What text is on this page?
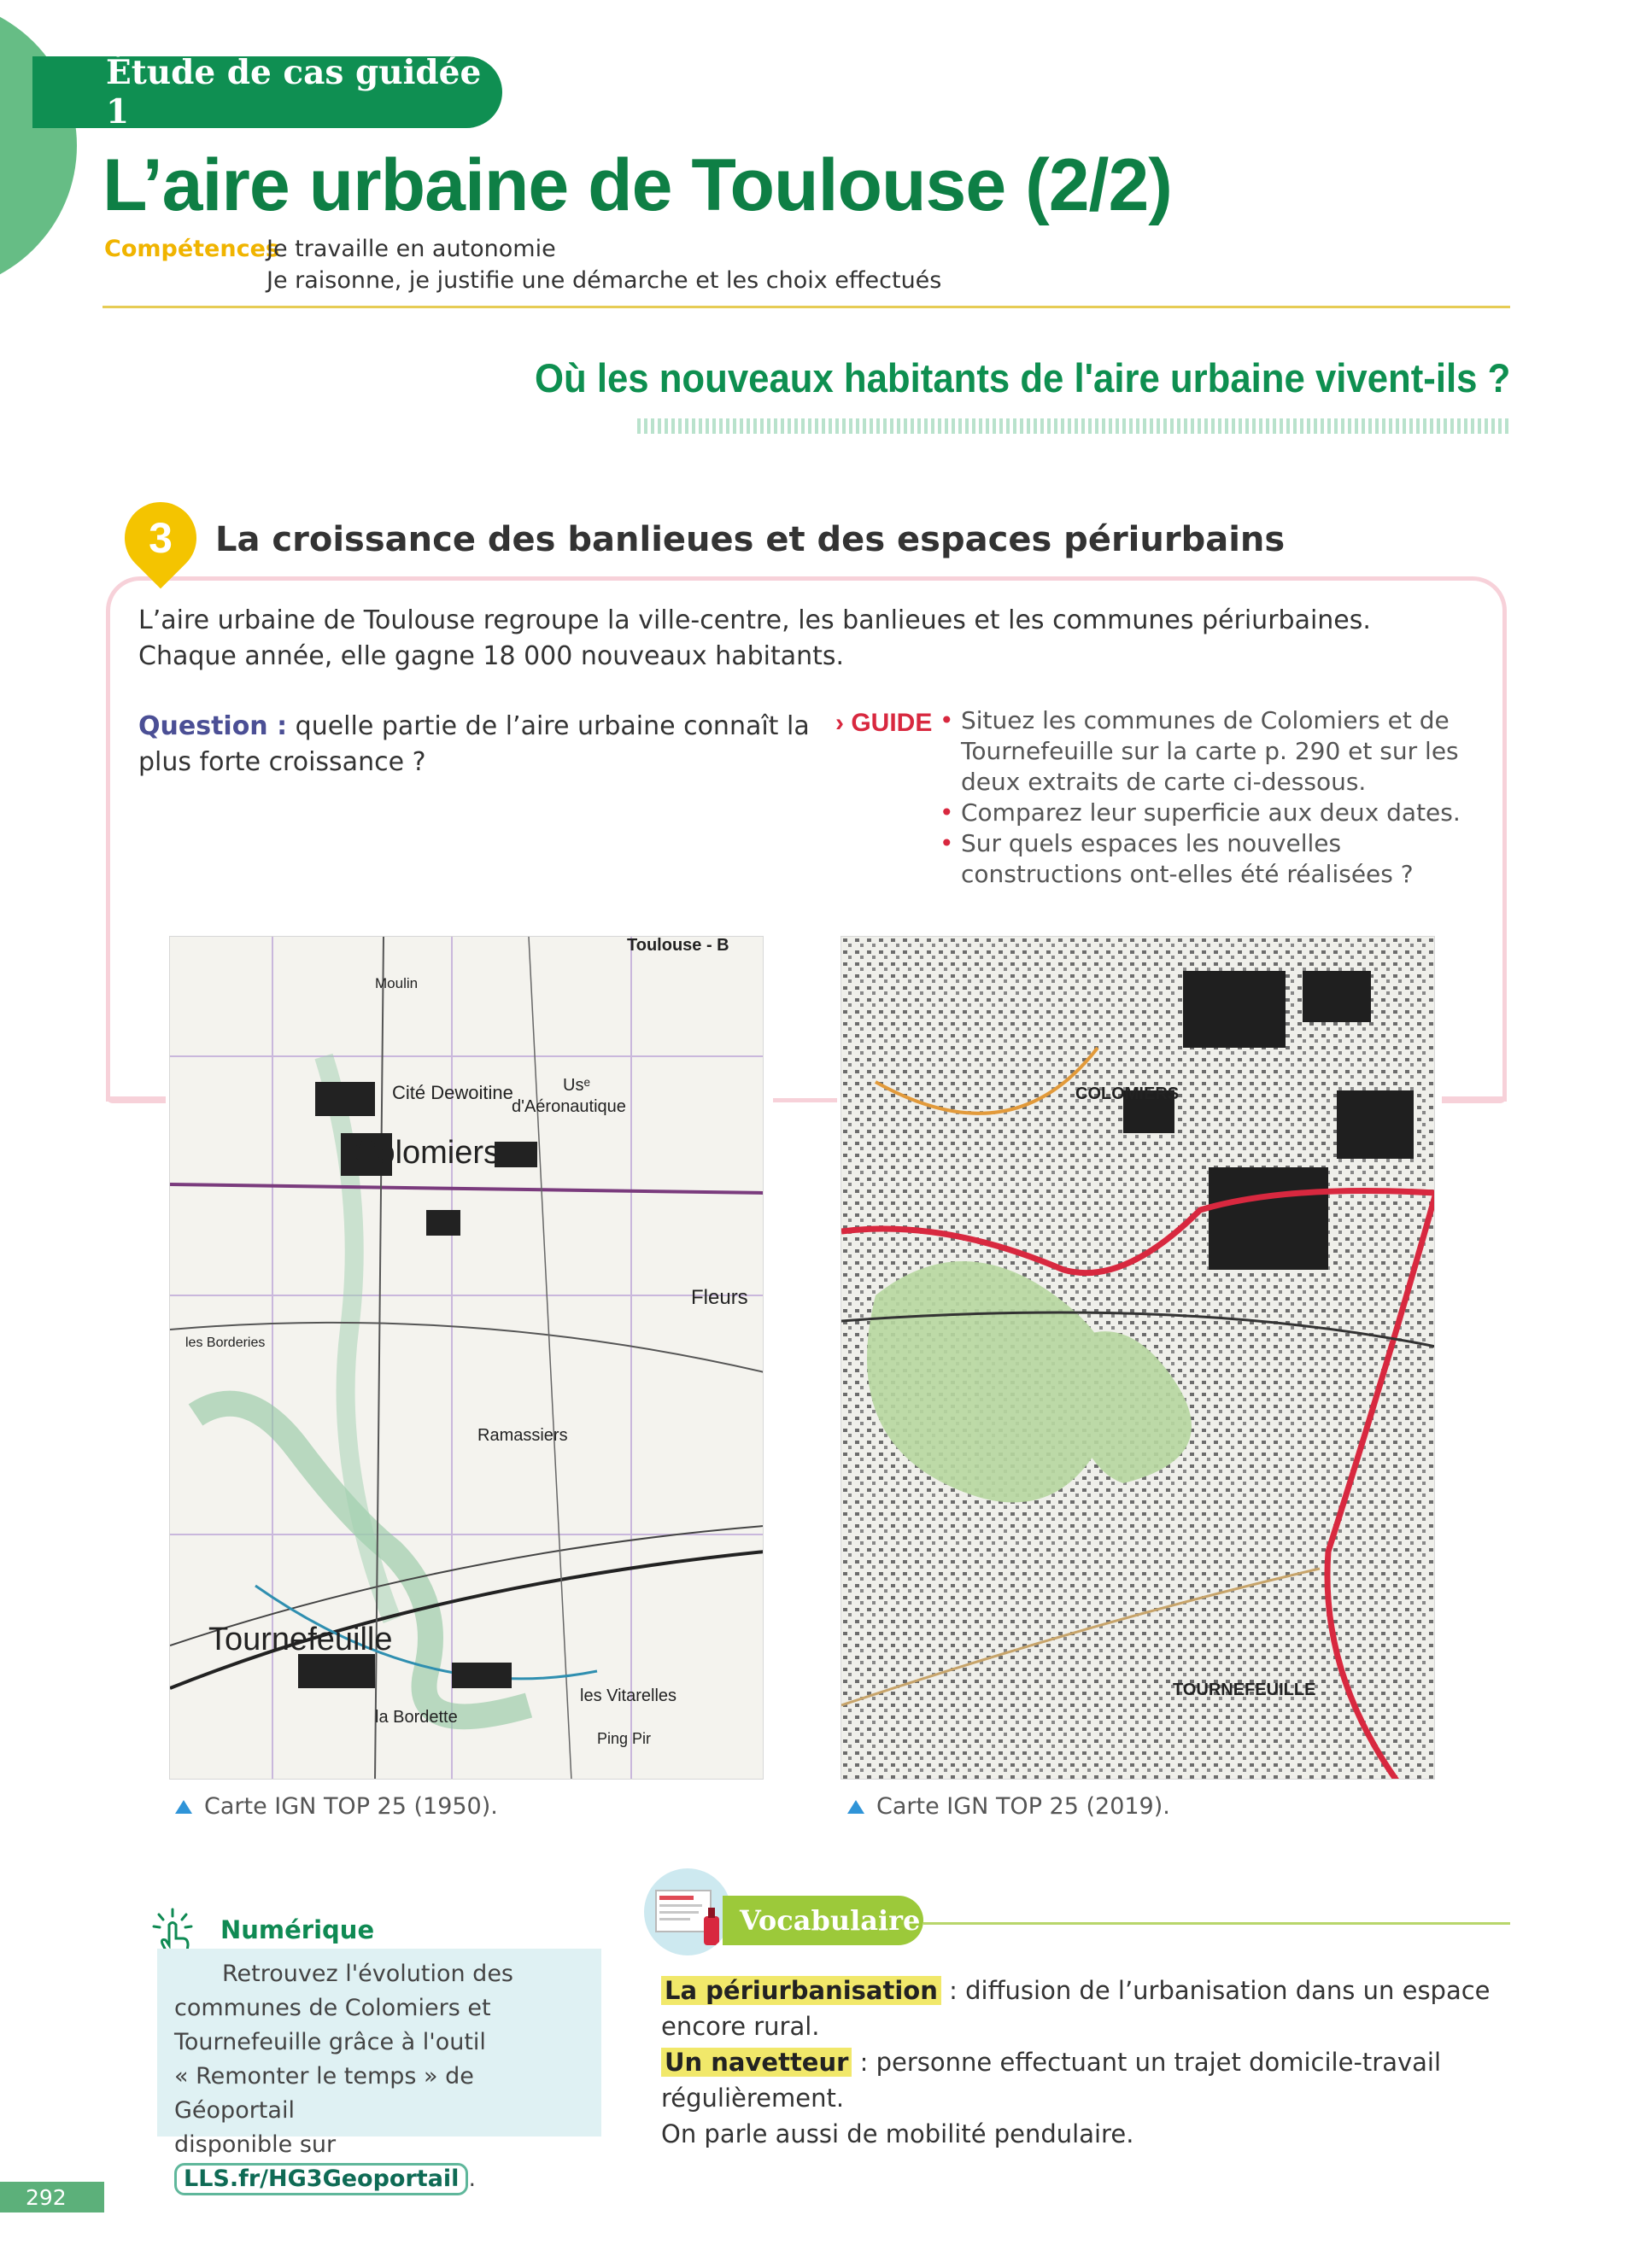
Étude de cas guidée 1
L’aire urbaine de Toulouse (2/2)
Compétences
Je travaille en autonomie
Je raisonne, je justifie une démarche et les choix effectués
Où les nouveaux habitants de l'aire urbaine vivent-ils ?
3	La croissance des banlieues et des espaces périurbains
L’aire urbaine de Toulouse regroupe la ville-centre, les banlieues et les communes périurbaines. Chaque année, elle gagne 18 000 nouveaux habitants.
Question : quelle partie de l’aire urbaine connaît la plus forte croissance ?
› GUIDE
•	Situez les communes de Colomiers et de Tournefeuille sur la carte p. 290 et sur les deux extraits de carte ci-dessous.
• Comparez leur superficie aux deux dates.
• Sur quels espaces les nouvelles constructions ont-elles été réalisées ?
Toulouse - B
Moulin
Cité Dewoitine	Usᵉ
d'Aéronautique
Colomiers
Fleurs
les Borderies
Ramassiers
Tournefeuille
la Bordette
les Vitarelles
Ping Pir
COLOMIERS
TOURNEFEUILLE
Carte IGN TOP 25 (1950).	Carte IGN TOP 25 (2019).
Numérique
Retrouvez l'évolution des
communes de Colomiers et
Tournefeuille grâce à l'outil
« Remonter le temps » de Géoportail
disponible sur LLS.fr/HG3Geoportail .
Vocabulaire
La périurbanisation : diffusion de l’urbanisation dans un espace encore rural.
Un navetteur : personne effectuant un trajet domicile-travail régulièrement.
On parle aussi de mobilité pendulaire.
292
